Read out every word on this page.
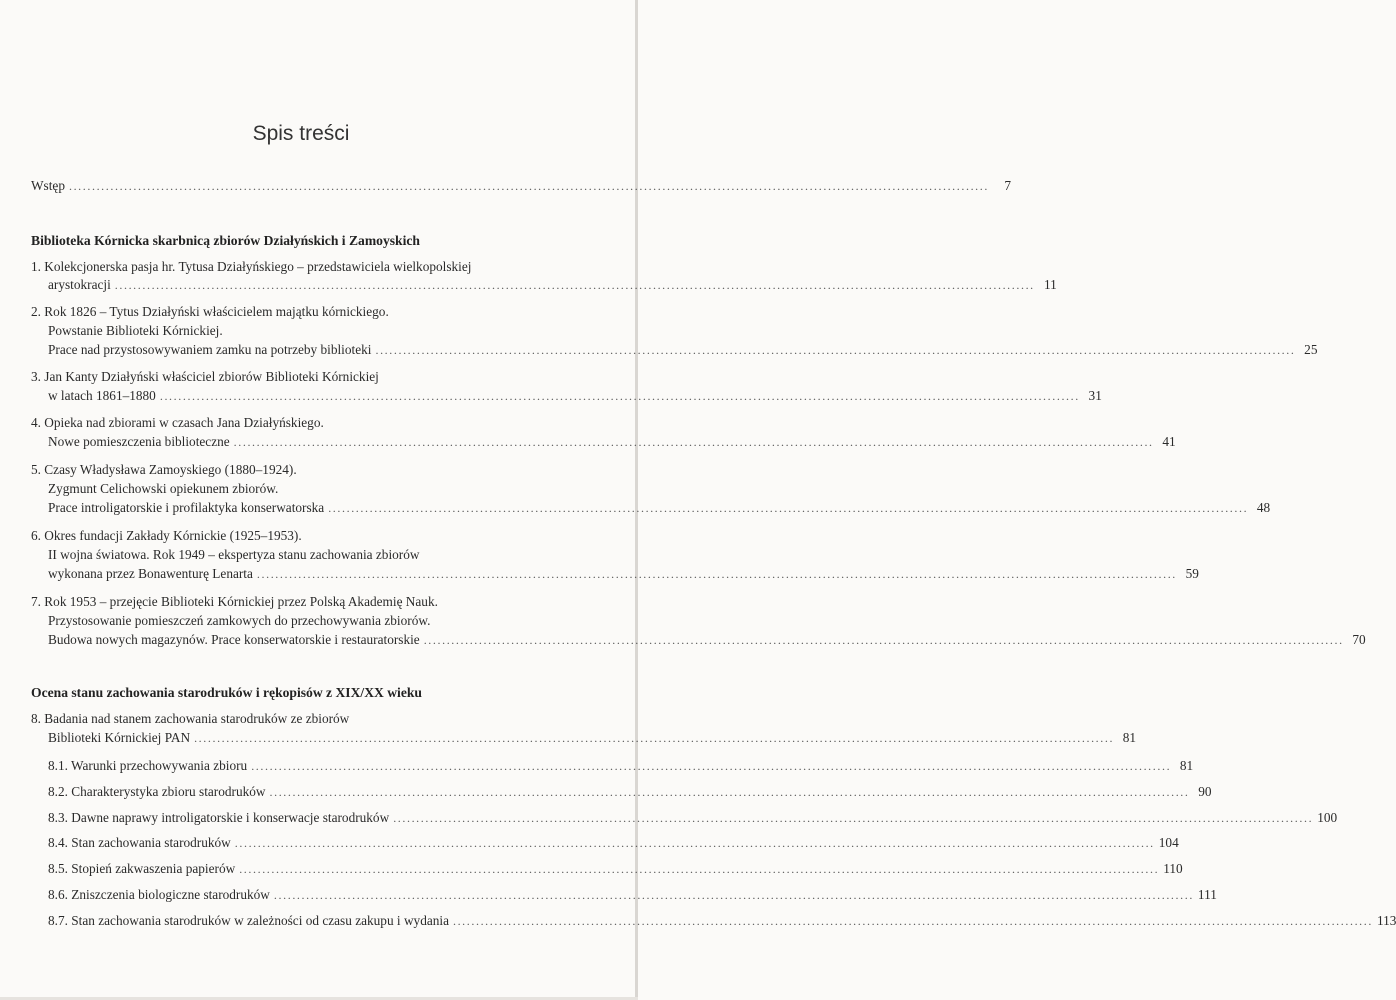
Spis treści
Wstęp ........................................................................................................................................................................................................	7
Biblioteka Kórnicka skarbnicą zbiorów Działyńskich i Zamoyskich
1. Kolekcjonerska pasja hr. Tytusa Działyńskiego – przedstawiciela wielkopolskiej
arystokracji ........................................................................................................................................................................................................ 11
2. Rok 1826 – Tytus Działyński właścicielem majątku kórnickiego.
Powstanie Biblioteki Kórnickiej.
Prace nad przystosowywaniem zamku na potrzeby biblioteki ........................................................................................................................................................................................................ 25
3. Jan Kanty Działyński właściciel zbiorów Biblioteki Kórnickiej
w latach 1861–1880 ........................................................................................................................................................................................................ 31
4. Opieka nad zbiorami w czasach Jana Działyńskiego.
Nowe pomieszczenia biblioteczne ........................................................................................................................................................................................................ 41
5. Czasy Władysława Zamoyskiego (1880–1924).
Zygmunt Celichowski opiekunem zbiorów.
Prace introligatorskie i profilaktyka konserwatorska ........................................................................................................................................................................................................ 48
6. Okres fundacji Zakłady Kórnickie (1925–1953).
II wojna światowa. Rok 1949 – ekspertyza stanu zachowania zbiorów
wykonana przez Bonawenturę Lenarta ........................................................................................................................................................................................................ 59
7. Rok 1953 – przejęcie Biblioteki Kórnickiej przez Polską Akademię Nauk.
Przystosowanie pomieszczeń zamkowych do przechowywania zbiorów.
Budowa nowych magazynów. Prace konserwatorskie i restauratorskie ........................................................................................................................................................................................................ 70
Ocena stanu zachowania starodruków i rękopisów z XIX/XX wieku
8. Badania nad stanem zachowania starodruków ze zbiorów
Biblioteki Kórnickiej PAN ........................................................................................................................................................................................................ 81
8.1. Warunki przechowywania zbioru ........................................................................................................................................................................................................ 81
8.2. Charakterystyka zbioru starodruków ........................................................................................................................................................................................................ 90
8.3. Dawne naprawy introligatorskie i konserwacje starodruków ........................................................................................................................................................................................................ 100
8.4. Stan zachowania starodruków ........................................................................................................................................................................................................ 104
8.5. Stopień zakwaszenia papierów ........................................................................................................................................................................................................ 110
8.6. Zniszczenia biologiczne starodruków ........................................................................................................................................................................................................ 111
8.7. Stan zachowania starodruków w zależności od czasu zakupu i wydania ........................................................................................................................................................................................................ 113
